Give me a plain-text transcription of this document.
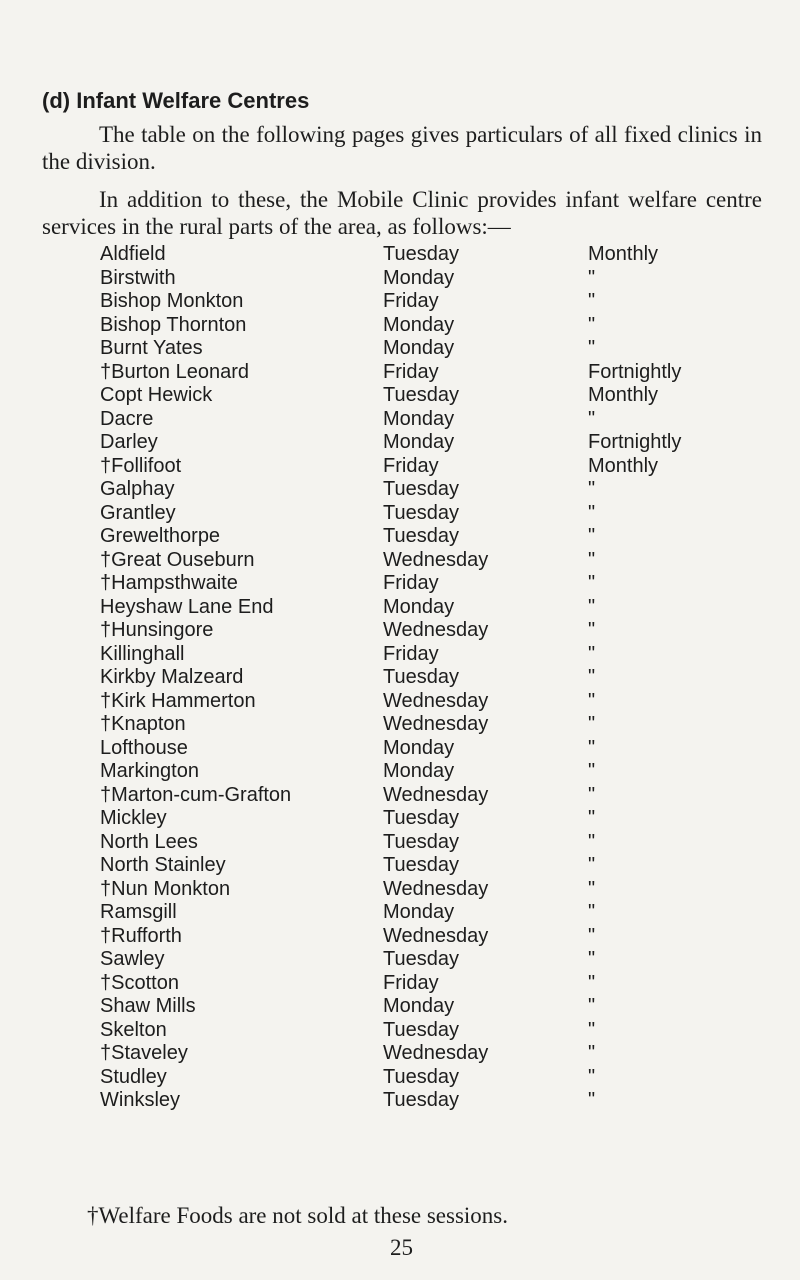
(d) Infant Welfare Centres
The table on the following pages gives particulars of all fixed clinics in the division.
In addition to these, the Mobile Clinic provides infant welfare centre services in the rural parts of the area, as follows:—
Aldfield	Tuesday	Monthly
Birstwith	Monday	"
Bishop Monkton	Friday	"
Bishop Thornton	Monday	"
Burnt Yates	Monday	"
†Burton Leonard	Friday	Fortnightly
Copt Hewick	Tuesday	Monthly
Dacre	Monday	"
Darley	Monday	Fortnightly
†Follifoot	Friday	Monthly
Galphay	Tuesday	"
Grantley	Tuesday	"
Grewelthorpe	Tuesday	"
†Great Ouseburn	Wednesday	"
†Hampsthwaite	Friday	"
Heyshaw Lane End	Monday	"
†Hunsingore	Wednesday	"
Killinghall	Friday	"
Kirkby Malzeard	Tuesday	"
†Kirk Hammerton	Wednesday	"
†Knapton	Wednesday	"
Lofthouse	Monday	"
Markington	Monday	"
†Marton-cum-Grafton	Wednesday	"
Mickley	Tuesday	"
North Lees	Tuesday	"
North Stainley	Tuesday	"
†Nun Monkton	Wednesday	"
Ramsgill	Monday	"
†Rufforth	Wednesday	"
Sawley	Tuesday	"
†Scotton	Friday	"
Shaw Mills	Monday	"
Skelton	Tuesday	"
†Staveley	Wednesday	"
Studley	Tuesday	"
Winksley	Tuesday	"
†Welfare Foods are not sold at these sessions.
25
